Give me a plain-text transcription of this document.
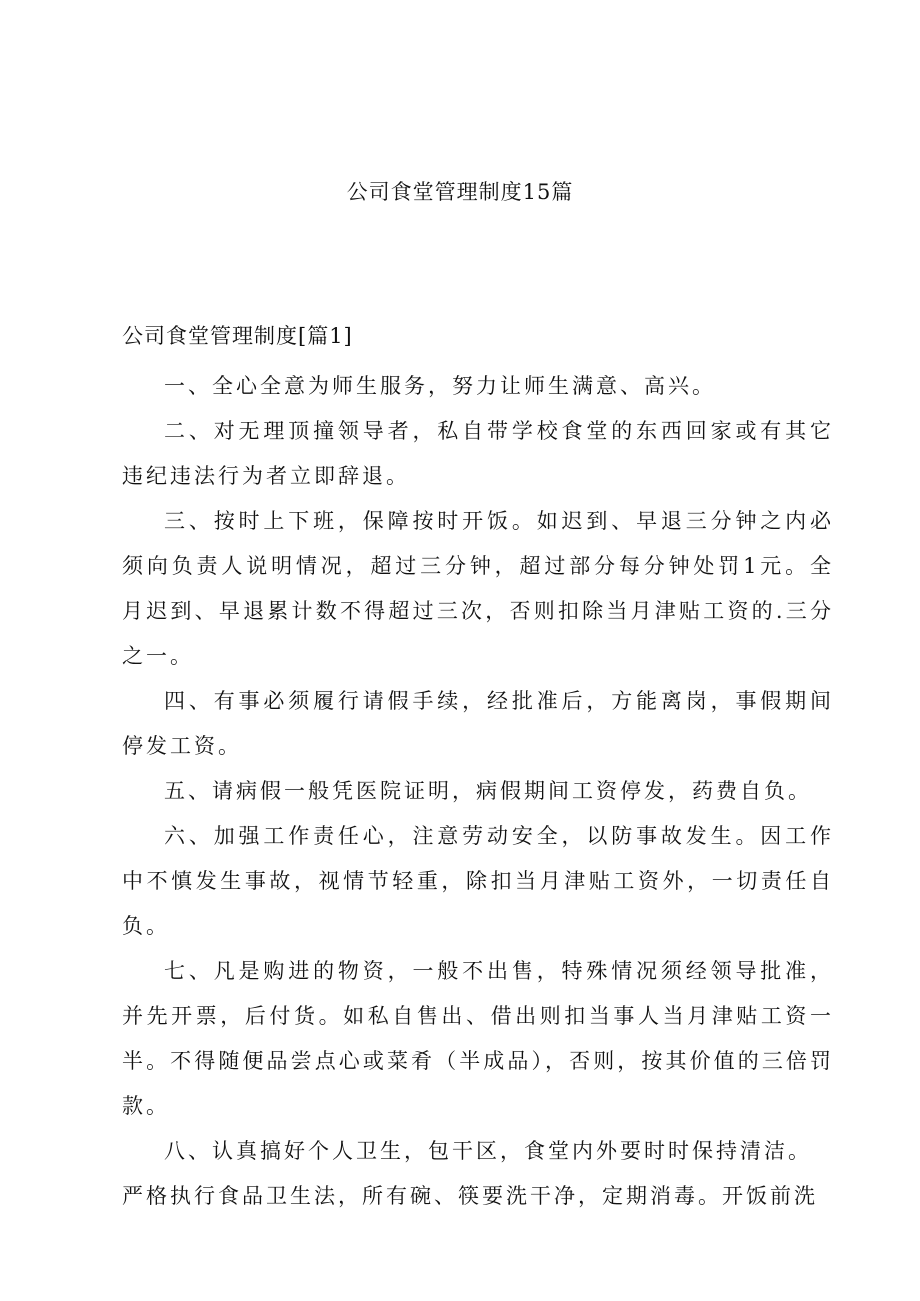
公司食堂管理制度15篇
公司食堂管理制度[篇1]

一、全心全意为师生服务，努力让师生满意、高兴。

二、对无理顶撞领导者，私自带学校食堂的东西回家或有其它违纪违法行为者立即辞退。

三、按时上下班，保障按时开饭。如迟到、早退三分钟之内必须向负责人说明情况，超过三分钟，超过部分每分钟处罚1元。全月迟到、早退累计数不得超过三次，否则扣除当月津贴工资的.三分之一。

四、有事必须履行请假手续，经批准后，方能离岗，事假期间停发工资。

五、请病假一般凭医院证明，病假期间工资停发，药费自负。

六、加强工作责任心，注意劳动安全，以防事故发生。因工作中不慎发生事故，视情节轻重，除扣当月津贴工资外，一切责任自负。

七、凡是购进的物资，一般不出售，特殊情况须经领导批准，并先开票，后付货。如私自售出、借出则扣当事人当月津贴工资一半。不得随便品尝点心或菜肴（半成品），否则，按其价值的三倍罚款。

八、认真搞好个人卫生，包干区，食堂内外要时时保持清洁。

严格执行食品卫生法，所有碗、筷要洗干净，定期消毒。开饭前洗
